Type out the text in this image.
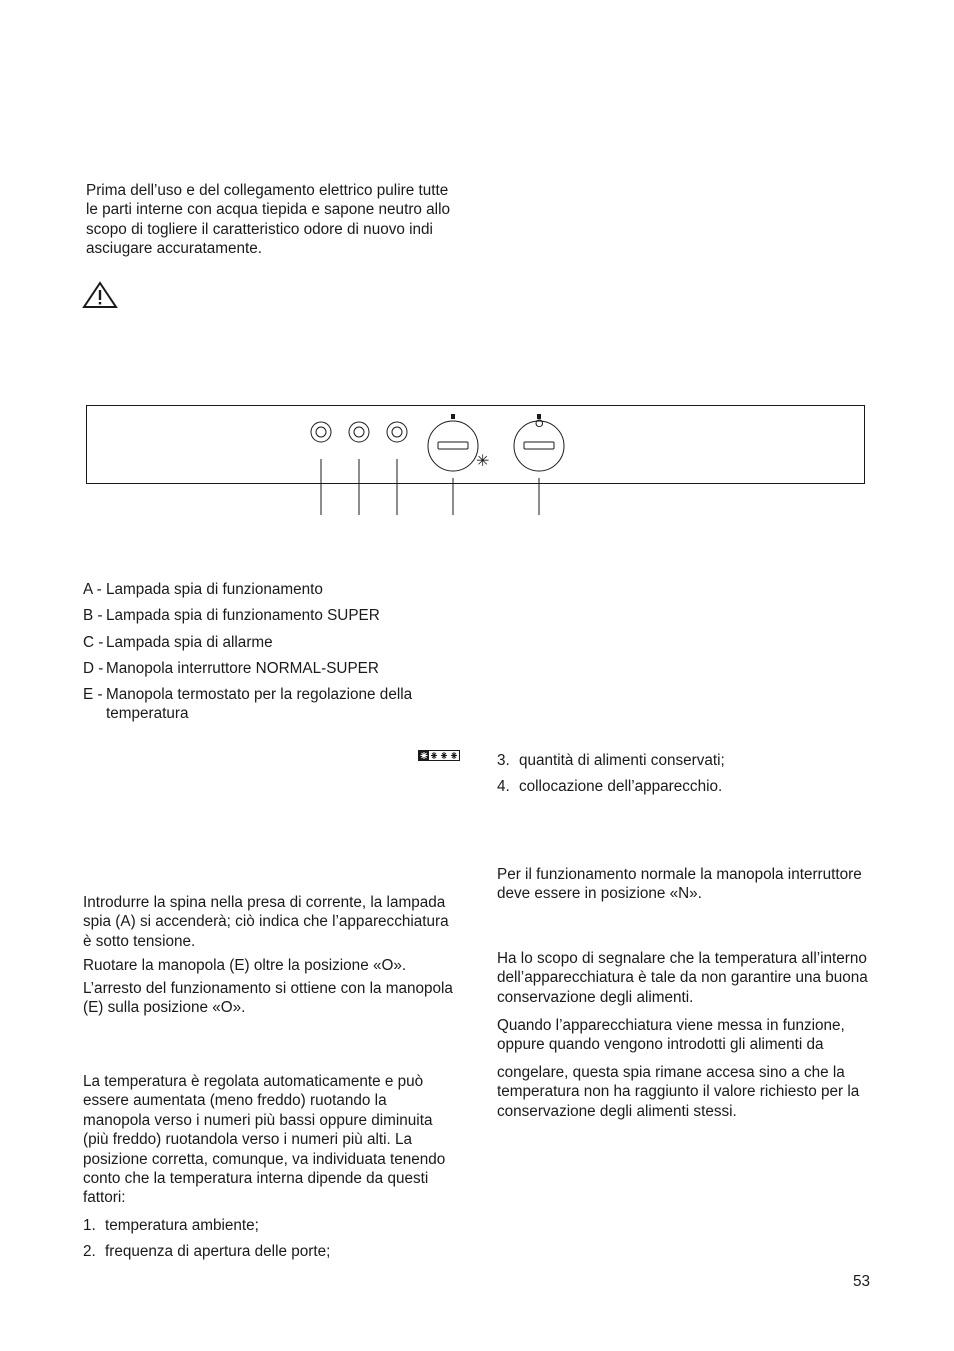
Prima dell’uso e del collegamento elettrico pulire tutte le parti interne con acqua tiepida e sapone neutro allo scopo di togliere il caratteristico odore di nuovo indi asciugare accuratamente.

✳
O
A - Lampada spia di funzionamento
B - Lampada spia di funzionamento SUPER
C - Lampada spia di allarme
D - Manopola interruttore NORMAL-SUPER
E - Manopola termostato per la regolazione della temperatura

Introdurre la spina nella presa di corrente, la lampada spia (A) si accenderà; ciò indica che l’apparecchiatura è sotto tensione.

Ruotare la manopola (E) oltre la posizione «O».

L’arresto del funzionamento si ottiene con la manopola (E) sulla posizione «O».

La temperatura è regolata automaticamente e può essere aumentata (meno freddo) ruotando la manopola verso i numeri più bassi oppure diminuita (più freddo) ruotandola verso i numeri più alti. La posizione corretta, comunque, va individuata tenendo conto che la temperatura interna dipende da questi fattori:

1. temperatura ambiente;
2. frequenza di apertura delle porte;
3. quantità di alimenti conservati;
4. collocazione dell’apparecchio.

Per il funzionamento normale la manopola interruttore deve essere in posizione «N».

Ha lo scopo di segnalare che la temperatura all’interno dell’apparecchiatura è tale da non garantire una buona conservazione degli alimenti.

Quando l’apparecchiatura viene messa in funzione, oppure quando vengono introdotti gli alimenti da

congelare, questa spia rimane accesa sino a che la temperatura non ha raggiunto il valore richiesto per la conservazione degli alimenti stessi.

53
